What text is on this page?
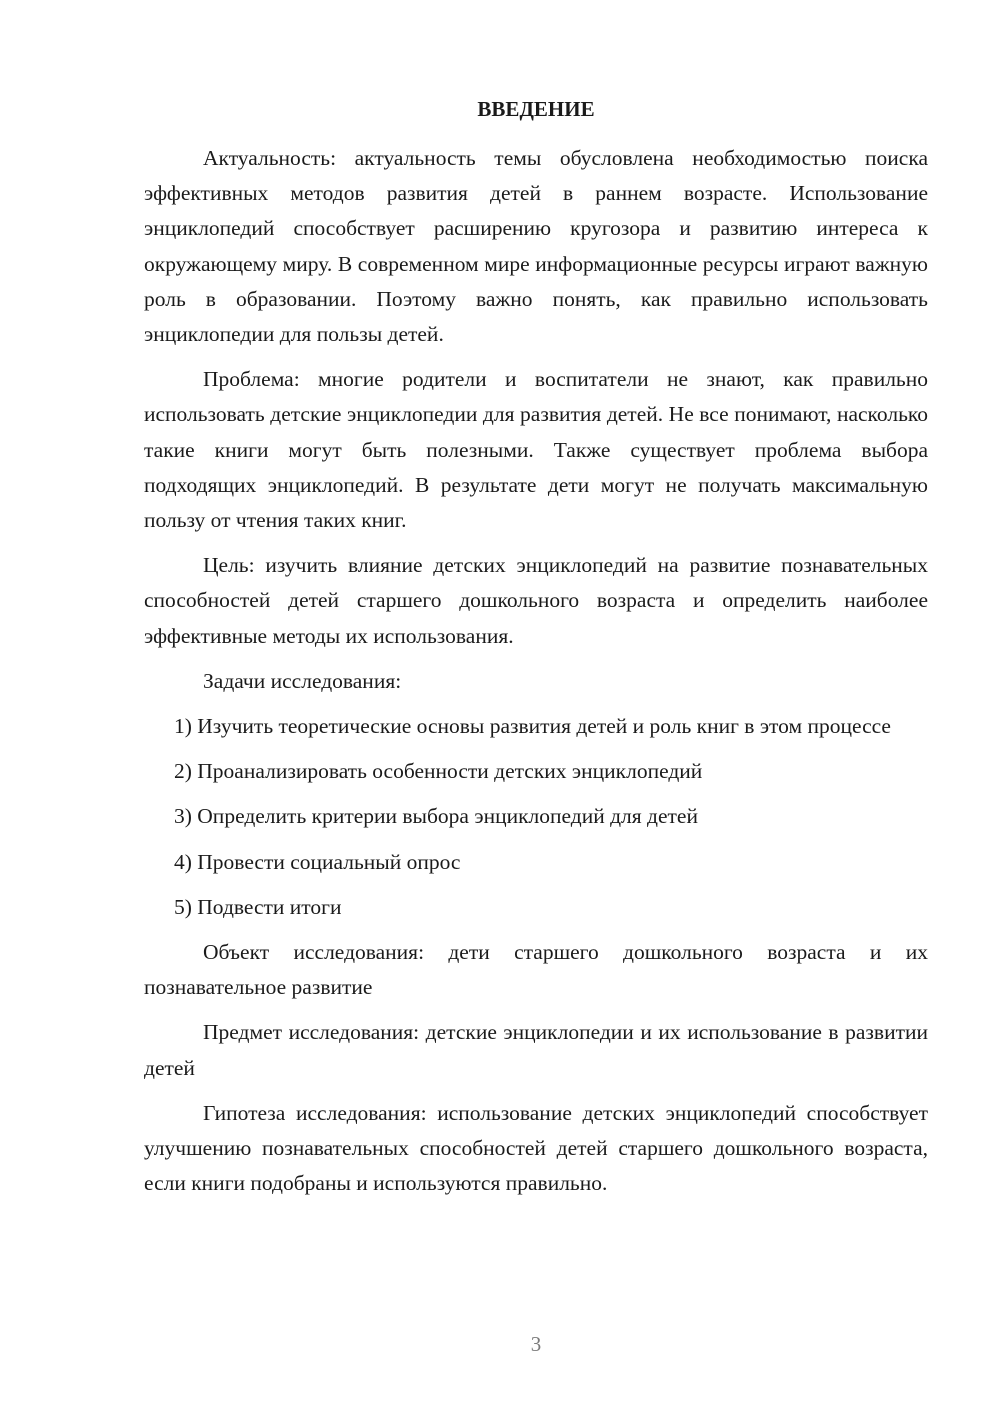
ВВЕДЕНИЕ

Актуальность: актуальность темы обусловлена необходимостью поиска эффективных методов развития детей в раннем возрасте. Использование энциклопедий способствует расширению кругозора и развитию интереса к окружающему миру. В современном мире информационные ресурсы играют важную роль в образовании. Поэтому важно понять, как правильно использовать энциклопедии для пользы детей.

Проблема: многие родители и воспитатели не знают, как правильно использовать детские энциклопедии для развития детей. Не все понимают, насколько такие книги могут быть полезными. Также существует проблема выбора подходящих энциклопедий. В результате дети могут не получать максимальную пользу от чтения таких книг.

Цель: изучить влияние детских энциклопедий на развитие познавательных способностей детей старшего дошкольного возраста и определить наиболее эффективные методы их использования.

Задачи исследования:

1) Изучить теоретические основы развития детей и роль книг в этом процессе

2) Проанализировать особенности детских энциклопедий

3) Определить критерии выбора энциклопедий для детей

4) Провести социальный опрос

5) Подвести итоги

Объект исследования: дети старшего дошкольного возраста и их познавательное развитие

Предмет исследования: детские энциклопедии и их использование в развитии детей

Гипотеза исследования: использование детских энциклопедий способствует улучшению познавательных способностей детей старшего дошкольного возраста, если книги подобраны и используются правильно.

3
